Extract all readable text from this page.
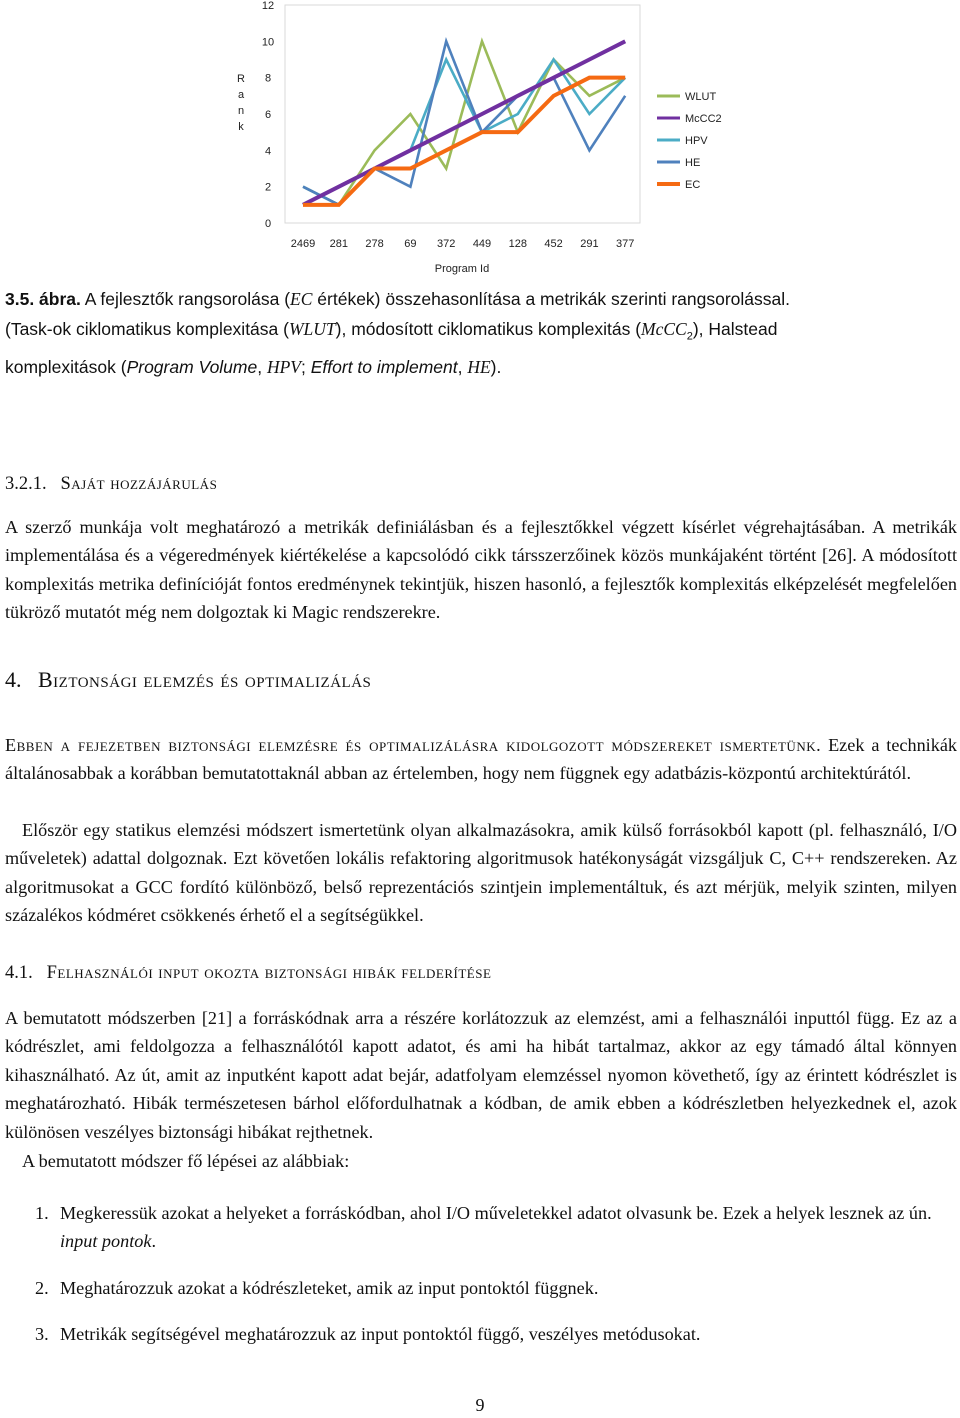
0
2
4
6
8
10
12
R
a
n
k
2469 281 278 69 372 449 128 452 291 377
Program Id
WLUT
McCC2
HPV
HE
EC
3.5. ábra. A fejlesztők rangsorolása (EC értékek) összehasonlítása a metrikák szerinti rangsorolással.
(Task-ok ciklomatikus komplexitása (WLUT), módosított ciklomatikus komplexitás (McCC$_2$), Halstead
komplexitások (Program Volume, HPV; Effort to implement, HE).
3.2.1. Saját hozzájárulás
A szerző munkája volt meghatározó a metrikák definiálásban és a fejlesztőkkel végzett kísérlet végrehajtásában. A metrikák implementálása és a végeredmények kiértékelése a kapcsolódó cikk társszerzőinek közös munkájaként történt [26]. A módosított komplexitás metrika definícióját fontos eredménynek tekintjük, hiszen hasonló, a fejlesztők komplexitás elképzelését megfelelően tükröző mutatót még nem dolgoztak ki Magic rendszerekre.
4. Biztonsági elemzés és optimalizálás
Ebben a fejezetben biztonsági elemzésre és optimalizálásra kidolgozott módszereket ismertetünk. Ezek a technikák általánosabbak a korábban bemutatottaknál abban az értelemben, hogy nem függnek egy adatbázis-központú architektúrától.
Először egy statikus elemzési módszert ismertetünk olyan alkalmazásokra, amik külső forrásokból kapott (pl. felhasználó, I/O műveletek) adattal dolgoznak. Ezt követően lokális refaktoring algoritmusok hatékonyságát vizsgáljuk C, C++ rendszereken. Az algoritmusokat a GCC fordító különböző, belső reprezentációs szintjein implementáltuk, és azt mérjük, melyik szinten, milyen százalékos kódméret csökkenés érhető el a segítségükkel.
4.1. Felhasználói input okozta biztonsági hibák felderítése
A bemutatott módszerben [21] a forráskódnak arra a részére korlátozzuk az elemzést, ami a felhasználói inputtól függ. Ez az a kódrészlet, ami feldolgozza a felhasználótól kapott adatot, és ami ha hibát tartalmaz, akkor az egy támadó által könnyen kihasználható. Az út, amit az inputként kapott adat bejár, adatfolyam elemzéssel nyomon követhető, így az érintett kódrészlet is meghatározható. Hibák természetesen bárhol előfordulhatnak a kódban, de amik ebben a kódrészletben helyezkednek el, azok különösen veszélyes biztonsági hibákat rejthetnek.
A bemutatott módszer fő lépései az alábbiak:
1. Megkeressük azokat a helyeket a forráskódban, ahol I/O műveletekkel adatot olvasunk be. Ezek a helyek lesznek az ún. input pontok.
2. Meghatározzuk azokat a kódrészleteket, amik az input pontoktól függnek.
3. Metrikák segítségével meghatározzuk az input pontoktól függő, veszélyes metódusokat.
9
